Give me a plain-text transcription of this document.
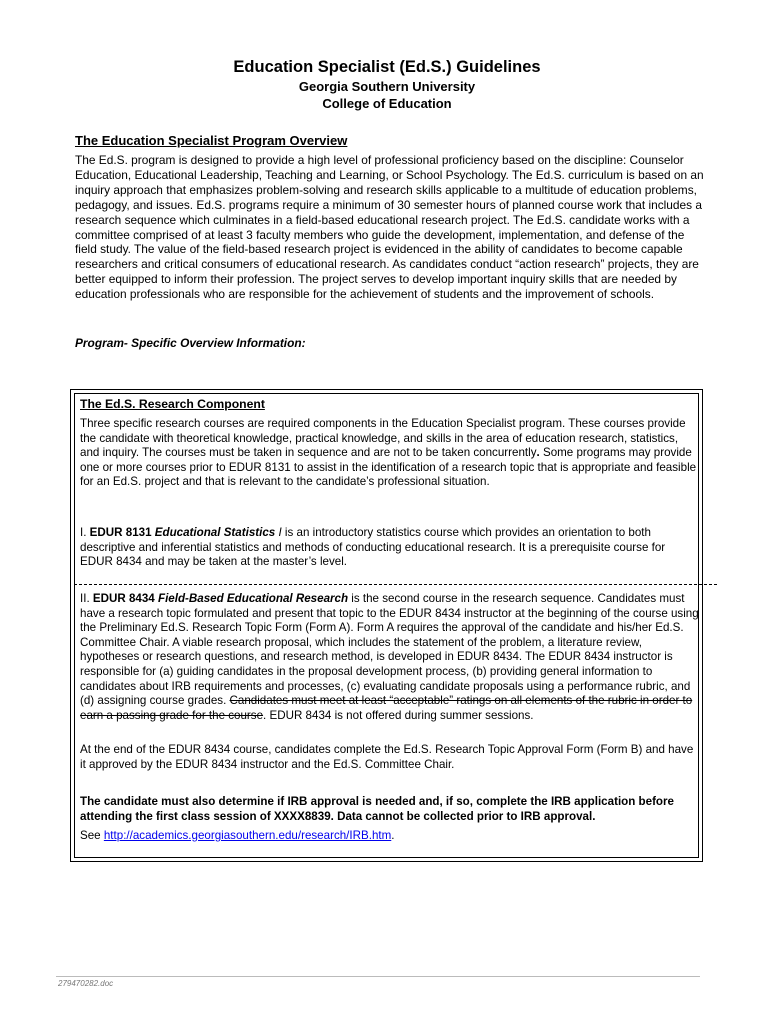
Education Specialist (Ed.S.) Guidelines
Georgia Southern University
College of Education
The Education Specialist Program Overview

The Ed.S. program is designed to provide a high level of professional proficiency based on the discipline: Counselor Education, Educational Leadership, Teaching and Learning, or School Psychology. The Ed.S. curriculum is based on an inquiry approach that emphasizes problem-solving and research skills applicable to a multitude of education problems, pedagogy, and issues. Ed.S. programs require a minimum of 30 semester hours of planned course work that includes a research sequence which culminates in a field-based educational research project. The Ed.S. candidate works with a committee comprised of at least 3 faculty members who guide the development, implementation, and defense of the field study. The value of the field-based research project is evidenced in the ability of candidates to become capable researchers and critical consumers of educational research. As candidates conduct “action research” projects, they are better equipped to inform their profession. The project serves to develop important inquiry skills that are needed by education professionals who are responsible for the achievement of students and the improvement of schools.

Program- Specific Overview Information:
The Ed.S. Research Component

Three specific research courses are required components in the Education Specialist program. These courses provide the candidate with theoretical knowledge, practical knowledge, and skills in the area of education research, statistics, and inquiry. The courses must be taken in sequence and are not to be taken concurrently. Some programs may provide one or more courses prior to EDUR 8131 to assist in the identification of a research topic that is appropriate and feasible for an Ed.S. project and that is relevant to the candidate’s professional situation.

I. EDUR 8131 Educational Statistics I is an introductory statistics course which provides an orientation to both descriptive and inferential statistics and methods of conducting educational research. It is a prerequisite course for EDUR 8434 and may be taken at the master’s level.

II. EDUR 8434 Field-Based Educational Research is the second course in the research sequence. Candidates must have a research topic formulated and present that topic to the EDUR 8434 instructor at the beginning of the course using the Preliminary Ed.S. Research Topic Form (Form A). Form A requires the approval of the candidate and his/her Ed.S. Committee Chair. A viable research proposal, which includes the statement of the problem, a literature review, hypotheses or research questions, and research method, is developed in EDUR 8434. The EDUR 8434 instructor is responsible for (a) guiding candidates in the proposal development process, (b) providing general information to candidates about IRB requirements and processes, (c) evaluating candidate proposals using a performance rubric, and (d) assigning course grades. Candidates must meet at least “acceptable” ratings on all elements of the rubric in order to earn a passing grade for the course. EDUR 8434 is not offered during summer sessions.

At the end of the EDUR 8434 course, candidates complete the Ed.S. Research Topic Approval Form (Form B) and have it approved by the EDUR 8434 instructor and the Ed.S. Committee Chair.

The candidate must also determine if IRB approval is needed and, if so, complete the IRB application before attending the first class session of XXXX8839. Data cannot be collected prior to IRB approval.

See http://academics.georgiasouthern.edu/research/IRB.htm.

279470282.doc
